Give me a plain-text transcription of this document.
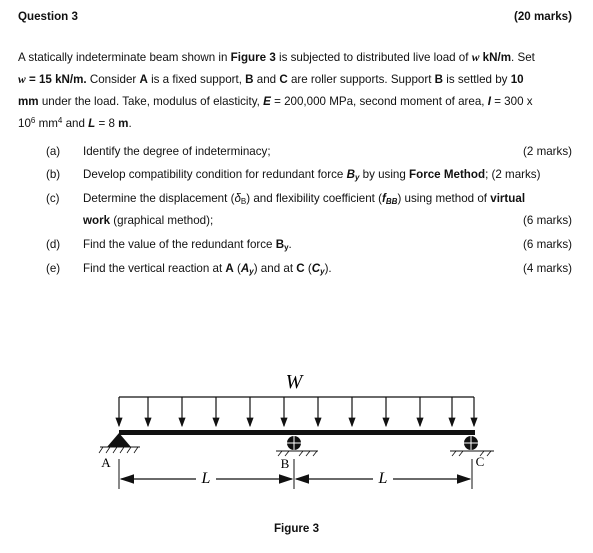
Question 3	(20 marks)
A statically indeterminate beam shown in Figure 3 is subjected to distributed live load of w kN/m. Set
w = 15 kN/m. Consider A is a fixed support, B and C are roller supports. Support B is settled by 10
mm under the load. Take, modulus of elasticity, E = 200,000 MPa, second moment of area, I = 300 x
$10^6$ $mm^4$ and L = 8 m.
(a) Identify the degree of indeterminacy;	(2 marks)
(b) Develop compatibility condition for redundant force $B_y$ by using Force Method; (2 marks)
(c) Determine the displacement $(\delta_B)$ and flexibility coefficient $(f_{BB})$ using method of virtual
work (graphical method);	(6 marks)
(d) Find the value of the redundant force $B_y$.	(6 marks)
(e) Find the vertical reaction at A $(A_y)$ and at C $(C_y)$.	(4 marks)
W
A	B	C
L	L
Figure 3
